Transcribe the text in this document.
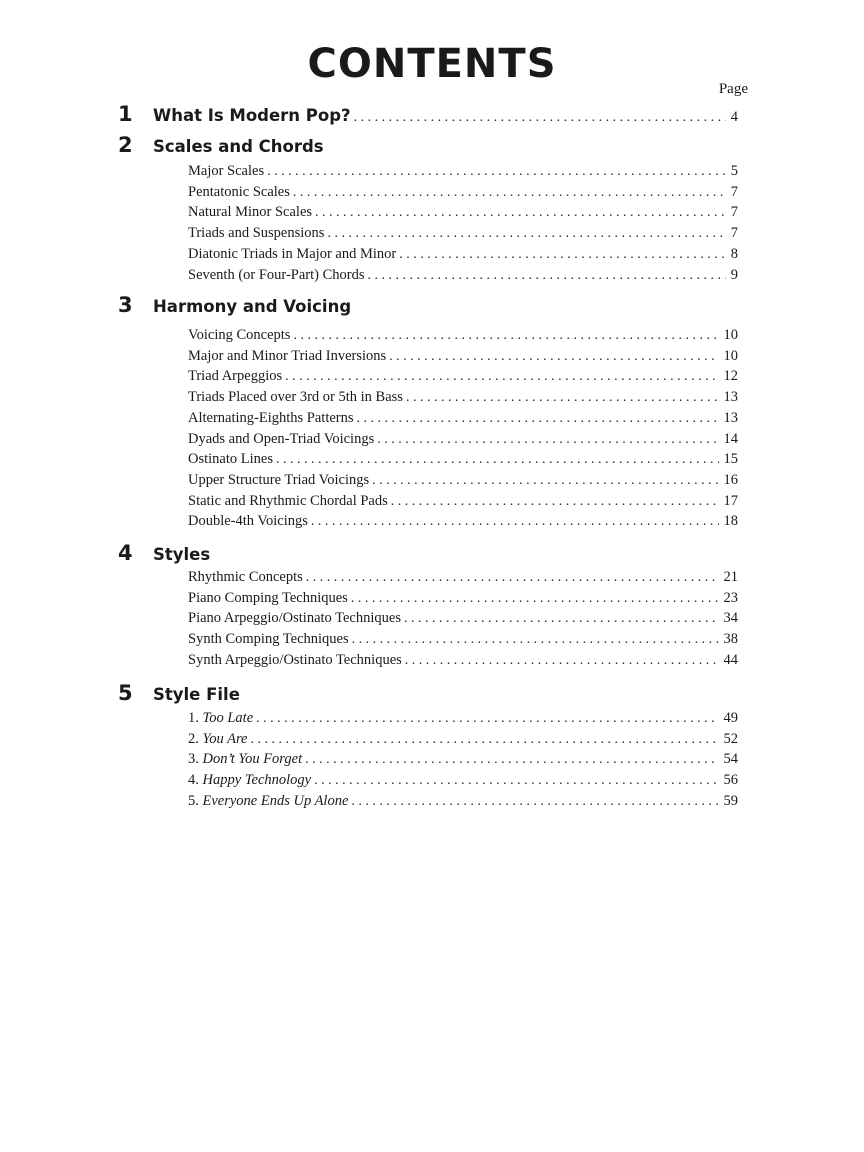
CONTENTS
Page
1	What Is Modern Pop? . . .	4
2	Scales and Chords
Major Scales . . .	5
Pentatonic Scales . . .	7
Natural Minor Scales . . .	7
Triads and Suspensions . . .	7
Diatonic Triads in Major and Minor . . .	8
Seventh (or Four-Part) Chords . . .	9
3	Harmony and Voicing
Voicing Concepts . . .	10
Major and Minor Triad Inversions . . .	10
Triad Arpeggios . . .	12
Triads Placed over 3rd or 5th in Bass . . .	13
Alternating-Eighths Patterns . . .	13
Dyads and Open-Triad Voicings . . .	14
Ostinato Lines . . .	15
Upper Structure Triad Voicings . . .	16
Static and Rhythmic Chordal Pads . . .	17
Double-4th Voicings . . .	18
4	Styles
Rhythmic Concepts . . .	21
Piano Comping Techniques . . .	23
Piano Arpeggio/Ostinato Techniques . . .	34
Synth Comping Techniques . . .	38
Synth Arpeggio/Ostinato Techniques . . .	44
5	Style File
1. Too Late . . .	49
2. You Are . . .	52
3. Don’t You Forget . . .	54
4. Happy Technology . . .	56
5. Everyone Ends Up Alone . . .	59
